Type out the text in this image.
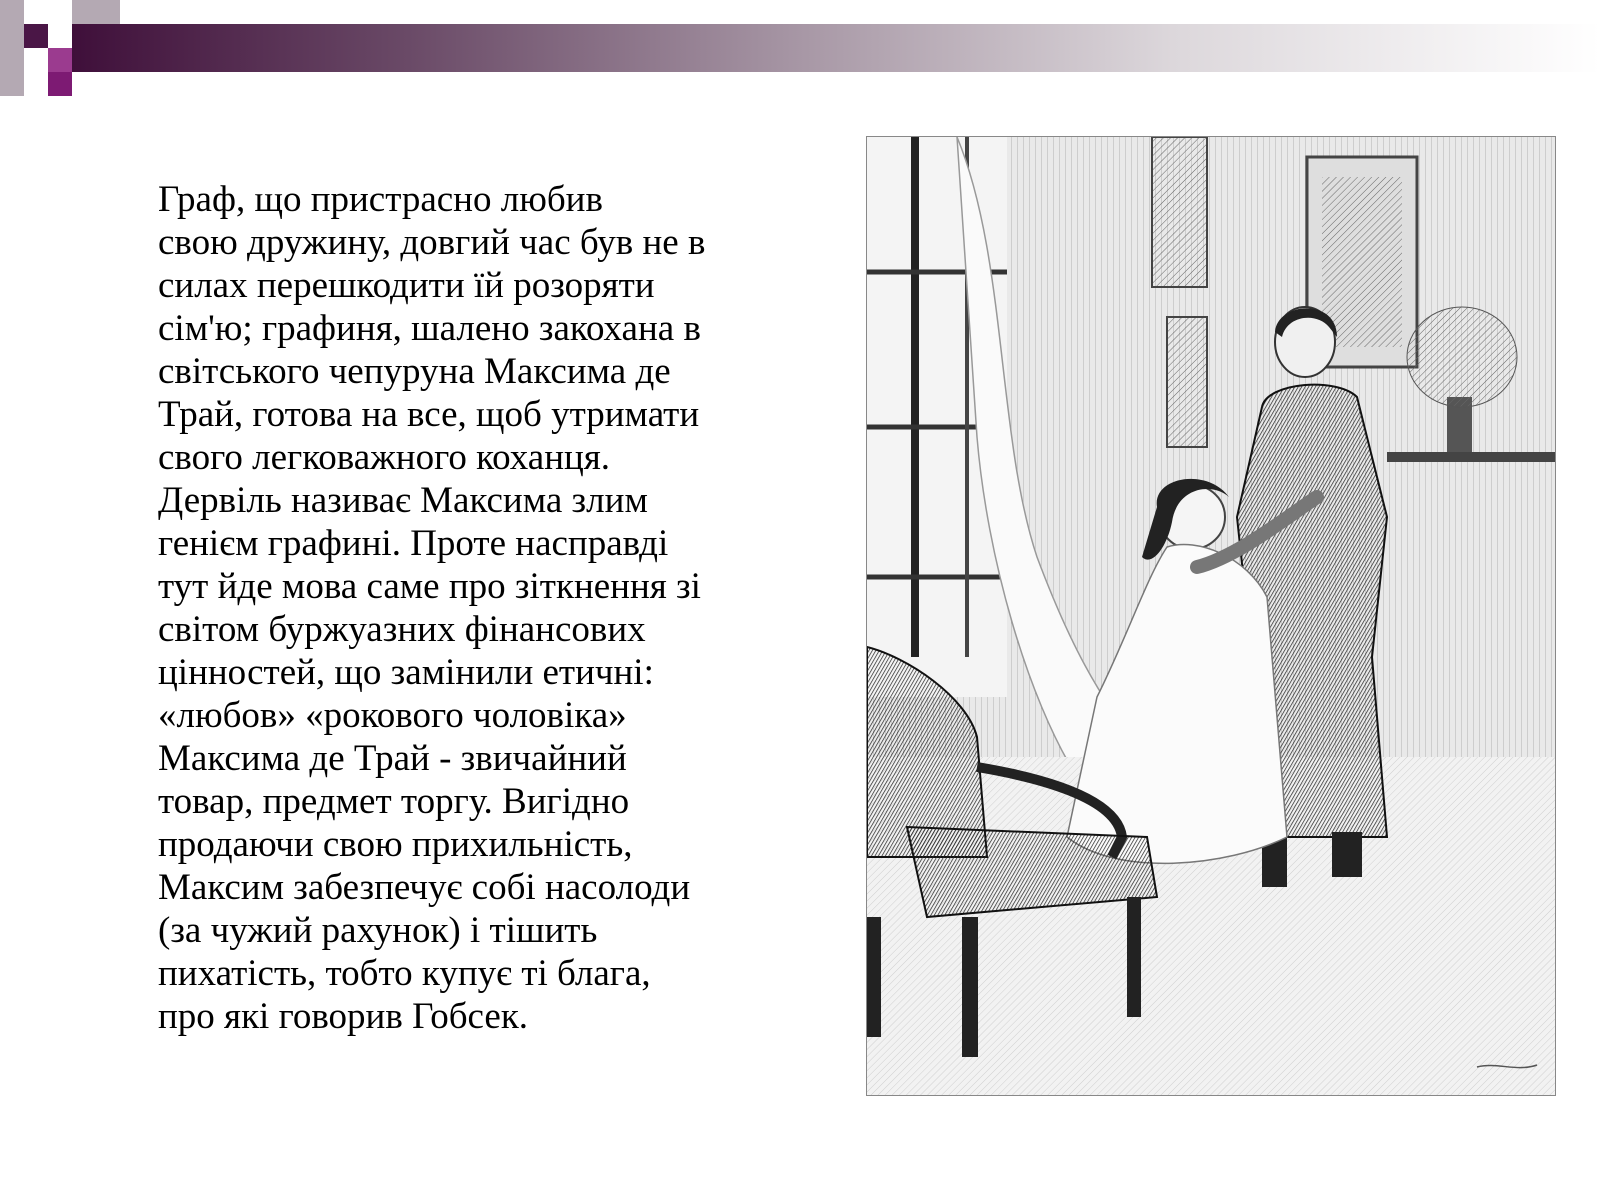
Граф, що пристрасно любив
свою дружину, довгий час був не в
силах перешкодити їй розоряти
сім'ю; графиня, шалено закохана в
світського чепуруна Максима де
Трай, готова на все, щоб утримати
свого легковажного коханця.
Дервіль називає Максима злим
генієм графині. Проте насправді
тут йде мова саме про зіткнення зі
світом буржуазних фінансових
цінностей, що замінили етичні:
«любов» «рокового чоловіка»
Максима де Трай - звичайний
товар, предмет торгу. Вигідно
продаючи свою прихильність,
Максим забезпечує собі насолоди
(за чужий рахунок) і тішить
пихатість, тобто купує ті блага,
про які говорив Гобсек.
